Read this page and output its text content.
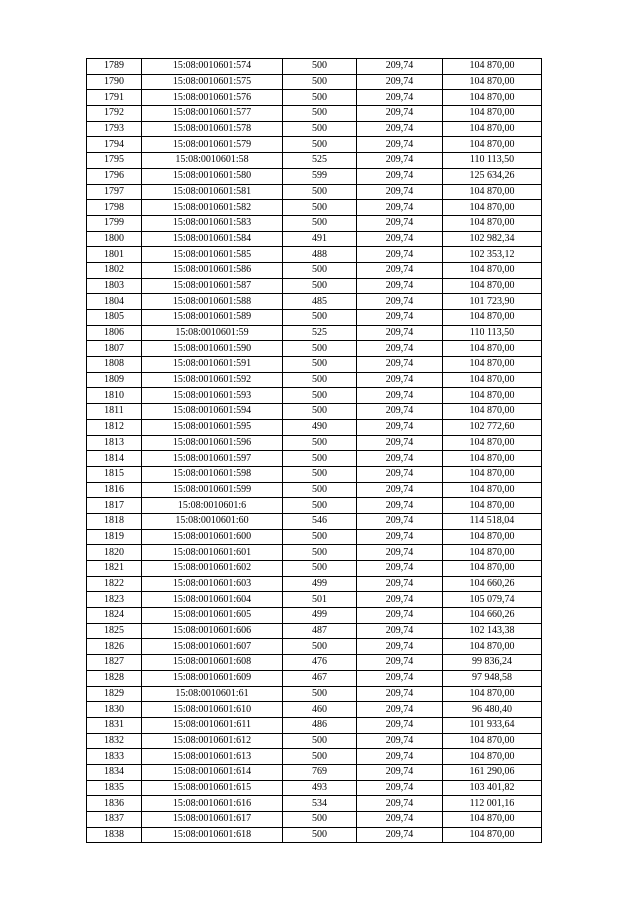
1789	15:08:0010601:574	500	209,74	104 870,00
1790	15:08:0010601:575	500	209,74	104 870,00
1791	15:08:0010601:576	500	209,74	104 870,00
1792	15:08:0010601:577	500	209,74	104 870,00
1793	15:08:0010601:578	500	209,74	104 870,00
1794	15:08:0010601:579	500	209,74	104 870,00
1795	15:08:0010601:58	525	209,74	110 113,50
1796	15:08:0010601:580	599	209,74	125 634,26
1797	15:08:0010601:581	500	209,74	104 870,00
1798	15:08:0010601:582	500	209,74	104 870,00
1799	15:08:0010601:583	500	209,74	104 870,00
1800	15:08:0010601:584	491	209,74	102 982,34
1801	15:08:0010601:585	488	209,74	102 353,12
1802	15:08:0010601:586	500	209,74	104 870,00
1803	15:08:0010601:587	500	209,74	104 870,00
1804	15:08:0010601:588	485	209,74	101 723,90
1805	15:08:0010601:589	500	209,74	104 870,00
1806	15:08:0010601:59	525	209,74	110 113,50
1807	15:08:0010601:590	500	209,74	104 870,00
1808	15:08:0010601:591	500	209,74	104 870,00
1809	15:08:0010601:592	500	209,74	104 870,00
1810	15:08:0010601:593	500	209,74	104 870,00
1811	15:08:0010601:594	500	209,74	104 870,00
1812	15:08:0010601:595	490	209,74	102 772,60
1813	15:08:0010601:596	500	209,74	104 870,00
1814	15:08:0010601:597	500	209,74	104 870,00
1815	15:08:0010601:598	500	209,74	104 870,00
1816	15:08:0010601:599	500	209,74	104 870,00
1817	15:08:0010601:6	500	209,74	104 870,00
1818	15:08:0010601:60	546	209,74	114 518,04
1819	15:08:0010601:600	500	209,74	104 870,00
1820	15:08:0010601:601	500	209,74	104 870,00
1821	15:08:0010601:602	500	209,74	104 870,00
1822	15:08:0010601:603	499	209,74	104 660,26
1823	15:08:0010601:604	501	209,74	105 079,74
1824	15:08:0010601:605	499	209,74	104 660,26
1825	15:08:0010601:606	487	209,74	102 143,38
1826	15:08:0010601:607	500	209,74	104 870,00
1827	15:08:0010601:608	476	209,74	99 836,24
1828	15:08:0010601:609	467	209,74	97 948,58
1829	15:08:0010601:61	500	209,74	104 870,00
1830	15:08:0010601:610	460	209,74	96 480,40
1831	15:08:0010601:611	486	209,74	101 933,64
1832	15:08:0010601:612	500	209,74	104 870,00
1833	15:08:0010601:613	500	209,74	104 870,00
1834	15:08:0010601:614	769	209,74	161 290,06
1835	15:08:0010601:615	493	209,74	103 401,82
1836	15:08:0010601:616	534	209,74	112 001,16
1837	15:08:0010601:617	500	209,74	104 870,00
1838	15:08:0010601:618	500	209,74	104 870,00
